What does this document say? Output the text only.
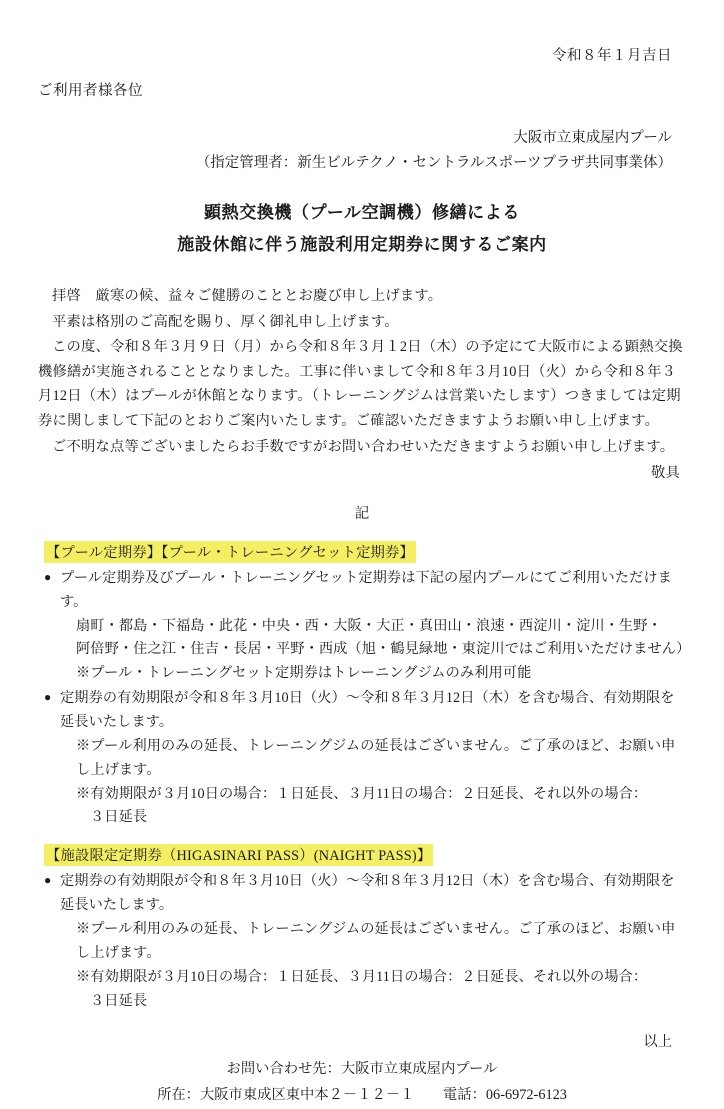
令和８年１月吉日
ご利用者様各位
大阪市立東成屋内プール
（指定管理者：新生ビルテクノ・セントラルスポーツプラザ共同事業体）
顕熱交換機（プール空調機）修繕による
施設休館に伴う施設利用定期券に関するご案内

拝啓　厳寒の候、益々ご健勝のこととお慶び申し上げます。

平素は格別のご高配を賜り、厚く御礼申し上げます。

この度、令和８年３月９日（月）から令和８年３月１2日（木）の予定にて大阪市による顕熱交換機修繕が実施されることとなりました。工事に伴いまして令和８年３月10日（火）から令和８年３月12日（木）はプールが休館となります。（トレーニングジムは営業いたします）つきましては定期券に関しまして下記のとおりご案内いたします。ご確認いただきますようお願い申し上げます。

ご不明な点等ございましたらお手数ですがお問い合わせいただきますようお願い申し上げます。

敬具
記
【プール定期券】【プール・トレーニングセット定期券】
● プール定期券及びプール・トレーニングセット定期券は下記の屋内プールにてご利用いただけます。
扇町・都島・下福島・此花・中央・西・大阪・大正・真田山・浪速・西淀川・淀川・生野・
阿倍野・住之江・住吉・長居・平野・西成（旭・鶴見緑地・東淀川ではご利用いただけません）
※プール・トレーニングセット定期券はトレーニングジムのみ利用可能
● 定期券の有効期限が令和８年３月10日（火）～令和８年３月12日（木）を含む場合、有効期限を延長いたします。
※プール利用のみの延長、トレーニングジムの延長はございません。ご了承のほど、お願い申し上げます。
※有効期限が３月10日の場合：１日延長、３月11日の場合：２日延長、それ以外の場合：
３日延長
【施設限定定期券（HIGASINARI PASS）(NAIGHT PASS)】
● 定期券の有効期限が令和８年３月10日（火）～令和８年３月12日（木）を含む場合、有効期限を延長いたします。
※プール利用のみの延長、トレーニングジムの延長はございません。ご了承のほど、お願い申し上げます。
※有効期限が３月10日の場合：１日延長、３月11日の場合：２日延長、それ以外の場合：
３日延長
以上
お問い合わせ先：大阪市立東成屋内プール
所在：大阪市東成区東中本２－１２－１　　電話：06-6972-6123
